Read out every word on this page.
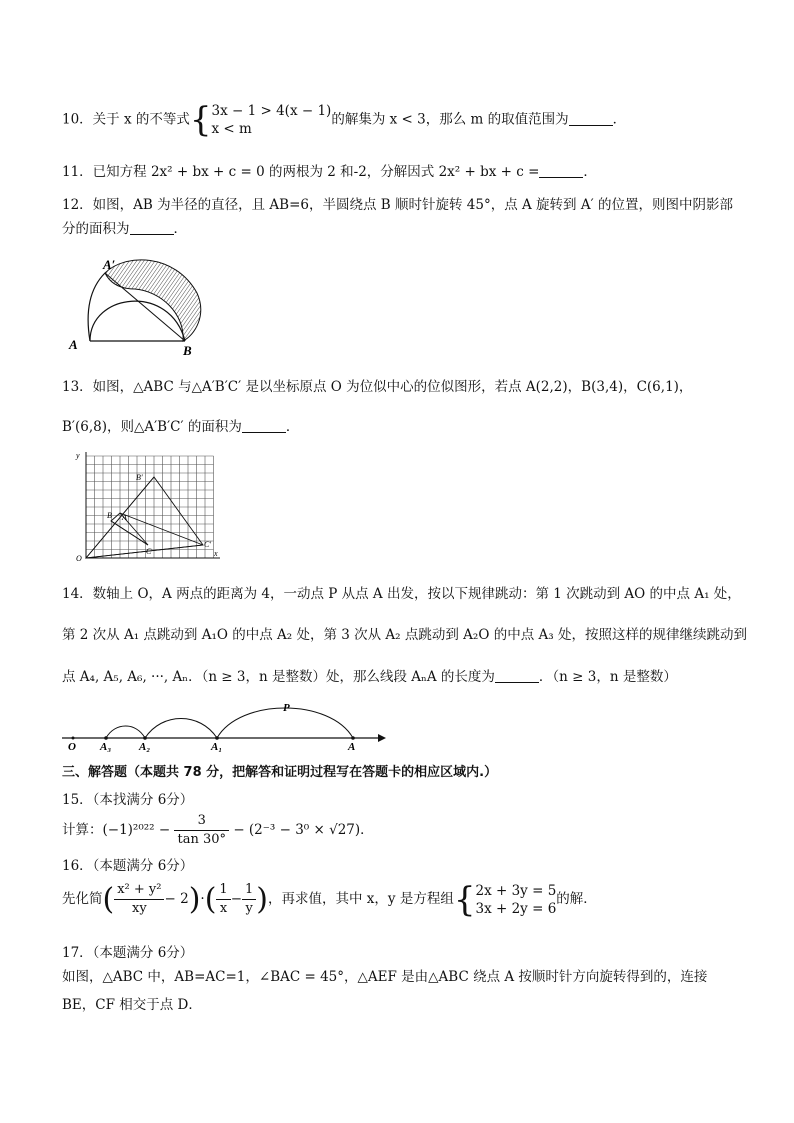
10．关于 x 的不等式{ 3x − 1 > 4(x − 1)
x < m
的解集为 x < 3，那么 m 的取值范围为	．
11．已知方程 2x² + bx + c = 0 的两根为 2 和-2，分解因式 2x² + bx + c =	．
12．如图，AB 为半径的直径，且 AB=6，半圆绕点 B 顺时针旋转 45°，点 A 旋转到 A′ 的位置，则图中阴影部
分的面积为	．
A′
A	B
13．如图，△ABC 与△A′B′C′ 是以坐标原点 O 为位似中心的位似图形，若点 A(2,2)，B(3,4)，C(6,1)，
B′(6,8)，则△A′B′C′ 的面积为	．
y
x
O
B′
B A
C
C′
14．数轴上 O，A 两点的距离为 4，一动点 P 从点 A 出发，按以下规律跳动：第 1 次跳动到 AO 的中点 A₁ 处，
第 2 次从 A₁ 点跳动到 A₁O 的中点 A₂ 处，第 3 次从 A₂ 点跳动到 A₂O 的中点 A₃ 处，按照这样的规律继续跳动到
点 A₄, A₅, A₆, ···, Aₙ．（n ≥ 3，n 是整数）处，那么线段 AₙA 的长度为	．（n ≥ 3，n 是整数）
P
O A₃	A₂	A₁	A
三、解答题（本题共 78 分，把解答和证明过程写在答题卡的相应区域内.）
15．（本找满分 6分）
计算：$(-1)^{2022} - \frac{3}{\tan 30^\circ} - (2^{-3} - 3^0 \times √27)$．
16．（本题满分 6分）
先化简( $\frac{\text{x² + y²}}{xy} - 2)\cdot( \frac{1}{x} - \frac{1}{y}$ )，再求值，其中 x，y 是方程组{ 2x + 3y = 5
3x + 2y = 6
的解．
17．（本题满分 6分）
如图，△ABC 中，AB=AC=1，∠BAC = 45°，△AEF 是由△ABC 绕点 A 按顺时针方向旋转得到的，连接
BE，CF 相交于点 D．
